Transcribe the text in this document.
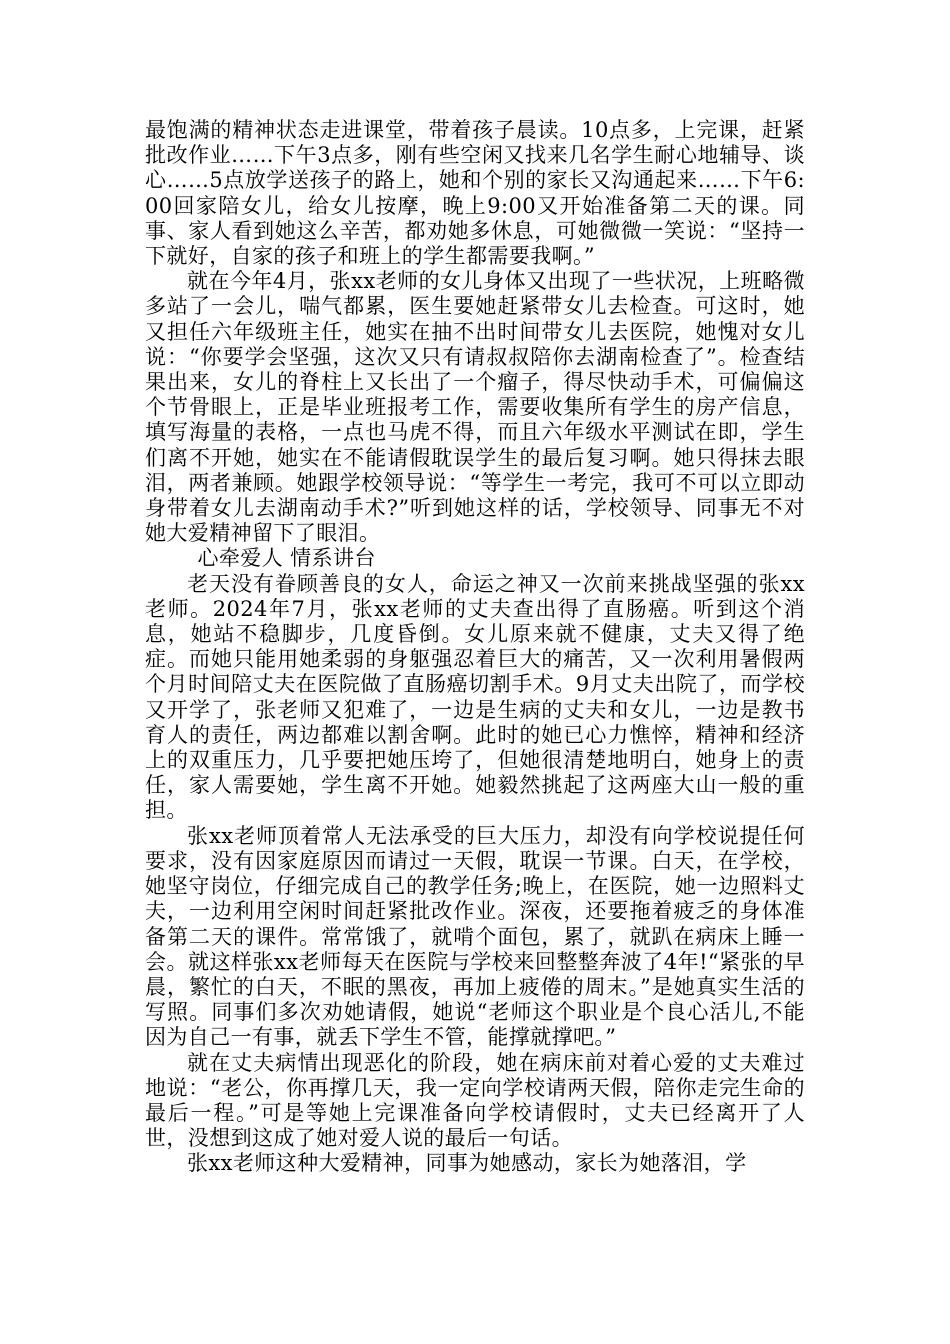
最饱满的精神状态走进课堂，带着孩子晨读。10点多，上完课，赶紧批改作业……下午3点多，刚有些空闲又找来几名学生耐心地辅导、谈心……5点放学送孩子的路上，她和个别的家长又沟通起来……下午6:00回家陪女儿，给女儿按摩，晚上9:00又开始准备第二天的课。同事、家人看到她这么辛苦，都劝她多休息，可她微微一笑说：“坚持一下就好，自家的孩子和班上的学生都需要我啊。”

就在今年4月，张xx老师的女儿身体又出现了一些状况，上班略微多站了一会儿，喘气都累，医生要她赶紧带女儿去检查。可这时，她又担任六年级班主任，她实在抽不出时间带女儿去医院，她愧对女儿说：“你要学会坚强，这次又只有请叔叔陪你去湖南检查了”。检查结果出来，女儿的脊柱上又长出了一个瘤子，得尽快动手术，可偏偏这个节骨眼上，正是毕业班报考工作，需要收集所有学生的房产信息，填写海量的表格，一点也马虎不得，而且六年级水平测试在即，学生们离不开她，她实在不能请假耽误学生的最后复习啊。她只得抹去眼泪，两者兼顾。她跟学校领导说：“等学生一考完，我可不可以立即动身带着女儿去湖南动手术?”听到她这样的话，学校领导、同事无不对她大爱精神留下了眼泪。

心牵爱人 情系讲台

老天没有眷顾善良的女人，命运之神又一次前来挑战坚强的张xx老师。2024年7月，张xx老师的丈夫查出得了直肠癌。听到这个消息，她站不稳脚步，几度昏倒。女儿原来就不健康，丈夫又得了绝症。而她只能用她柔弱的身躯强忍着巨大的痛苦，又一次利用暑假两个月时间陪丈夫在医院做了直肠癌切割手术。9月丈夫出院了，而学校又开学了，张老师又犯难了，一边是生病的丈夫和女儿，一边是教书育人的责任，两边都难以割舍啊。此时的她已心力憔悴，精神和经济上的双重压力，几乎要把她压垮了，但她很清楚地明白，她身上的责任，家人需要她，学生离不开她。她毅然挑起了这两座大山一般的重担。

张xx老师顶着常人无法承受的巨大压力，却没有向学校说提任何要求，没有因家庭原因而请过一天假，耽误一节课。白天，在学校，她坚守岗位，仔细完成自己的教学任务;晚上，在医院，她一边照料丈夫，一边利用空闲时间赶紧批改作业。深夜，还要拖着疲乏的身体准备第二天的课件。常常饿了，就啃个面包，累了，就趴在病床上睡一会。就这样张xx老师每天在医院与学校来回整整奔波了4年!“紧张的早晨，繁忙的白天，不眠的黑夜，再加上疲倦的周末。”是她真实生活的写照。同事们多次劝她请假，她说“老师这个职业是个良心活儿,不能因为自己一有事，就丢下学生不管，能撑就撑吧。”

就在丈夫病情出现恶化的阶段，她在病床前对着心爱的丈夫难过地说：“老公，你再撑几天，我一定向学校请两天假，陪你走完生命的最后一程。”可是等她上完课准备向学校请假时，丈夫已经离开了人世，没想到这成了她对爱人说的最后一句话。

张xx老师这种大爱精神，同事为她感动，家长为她落泪，学
